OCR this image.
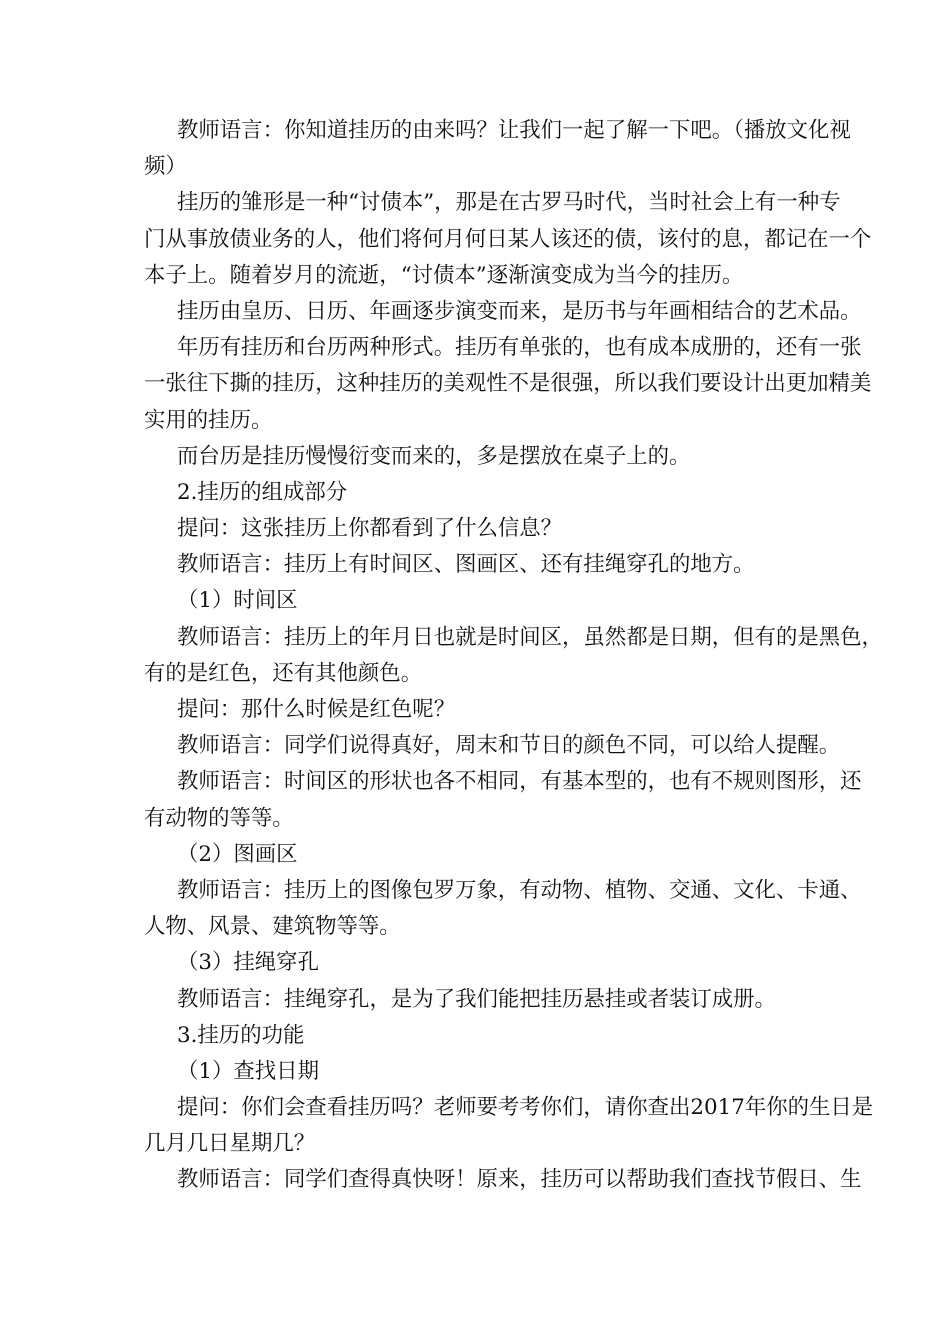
教师语言：你知道挂历的由来吗？让我们一起了解一下吧。（播放文化视
频）
挂历的雏形是一种“讨债本”，那是在古罗马时代，当时社会上有一种专
门从事放债业务的人，他们将何月何日某人该还的债，该付的息，都记在一个
本子上。随着岁月的流逝，“讨债本”逐渐演变成为当今的挂历。
挂历由皇历、日历、年画逐步演变而来，是历书与年画相结合的艺术品。
年历有挂历和台历两种形式。挂历有单张的，也有成本成册的，还有一张
一张往下撕的挂历，这种挂历的美观性不是很强，所以我们要设计出更加精美
实用的挂历。
而台历是挂历慢慢衍变而来的，多是摆放在桌子上的。
2.挂历的组成部分
提问：这张挂历上你都看到了什么信息？
教师语言：挂历上有时间区、图画区、还有挂绳穿孔的地方。
（1）时间区
教师语言：挂历上的年月日也就是时间区，虽然都是日期，但有的是黑色，
有的是红色，还有其他颜色。
提问：那什么时候是红色呢？
教师语言：同学们说得真好，周末和节日的颜色不同，可以给人提醒。
教师语言：时间区的形状也各不相同，有基本型的，也有不规则图形，还
有动物的等等。
（2）图画区
教师语言：挂历上的图像包罗万象，有动物、植物、交通、文化、卡通、
人物、风景、建筑物等等。
（3）挂绳穿孔
教师语言：挂绳穿孔，是为了我们能把挂历悬挂或者装订成册。
3.挂历的功能
（1）查找日期
提问：你们会查看挂历吗？老师要考考你们，请你查出2017年你的生日是
几月几日星期几？
教师语言：同学们查得真快呀！原来，挂历可以帮助我们查找节假日、生
